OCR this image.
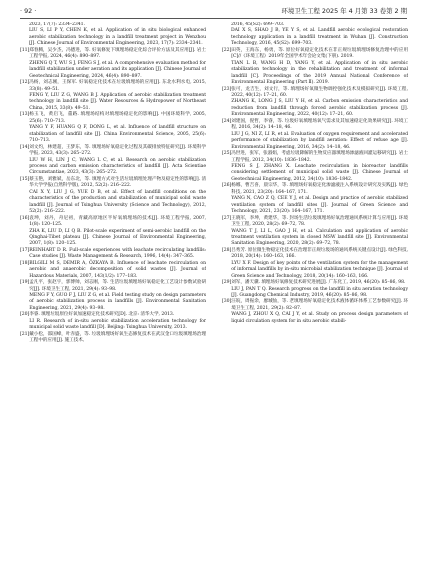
· 92 ·	环境卫生工程 2025 年 4 月第 33 卷第 2 期
2023, 17(7): 2334–2341.
LIU S, LI P Y, CHEN K, et al. Application of in situ biological enhanced aerobic stabilization technology in a landfill treatment project in Wenzhou [J]. Chinese Journal of Environmental Engineering, 2023, 17(7): 2334–2341.
[11] 郑春腾，吴少杰，冯德进，等. 好氧修复下填埋场稳定化综合评价方法及其应用[J]. 岩土工程学报, 2024, 46(4): 890–897.
ZHENG Q T, WU S J, FENG S J, et al. A comprehensive evaluation method for landfill stabilization under aeration and its application [J]. Chinese Journal of Geotechnical Engineering, 2024, 46(4): 890–897.
[12] 冯杨，刘志刚，王保军. 好氧稳定化技术在垃圾填埋场的应用[J]. 东北水利水电, 2015, 33(8): 49–51.
FENG Y, LIU Z G, WANG B J. Application of aerobic stabilization treatment technology in landfill site [J]. Water Resources & Hydropower of Northeast China, 2015, 33(8): 49–51.
[13] 杨玉飞，黄启飞，董路. 填埋场结构对填埋场稳定化的影响[J]. 中国环境科学, 2005, 25(6): 710–713.
YANG Y F, HUANG Q F, DONG L, et al. Influence of landfill structure on stabilization of landfill site [J]. China Environmental Science, 2005, 25(6): 710–713.
[14] 刘文灼，林建超，王梦东，等. 填埋场好氧稳定化过程及其碳排放特征研究[J]. 环境科学学报, 2023, 43(3): 265–272.
LIU W H, LIN J C, WANG L C, et al. Research on aerobic stabilization process and carbon emission characteristics of landfill [J]. Acta Scientiae Circumstantiae, 2023, 43(3): 265–272.
[15] 蔡玉艳，刘雅斌，岳东北，等. 填埋方式对生活垃圾填埋处理产物及稳定性的影响[J]. 清华大学学报(自然科学版), 2012, 52(2): 216–222.
CAI X Y, LIU J G, YUE D B, et al. Effect of landfill conditions on the characteristics of the production and stabilization of municipal solid waste landfill [J]. Journal of Tsinghua University (Science and Technology), 2012, 52(2): 216–222.
[16] 袁坤，刘丹，舟尼初，青藏高原地区半好氧填埋场的技术[J]. 环境工程学报, 2007, 1(8): 120–125.
ZHA K, LIU D, LI Q B. Pilot-scale experiment of semi-aerobic landfill on the Qinghai-Tibet plateau [J]. Chinese Journal of Environmental Engineering, 2007, 1(8): 120–125.
[17] REINHART D R. Full-scale experiences with leachate recirculating landfills: Case studies [J]. Waste Management & Research, 1996, 14(4): 347–365.
[18] BILGILI M S, DEMIR A, ÖZKAYA B. Influence of leachate recirculation on aerobic and anaerobic decomposition of solid wastes [J]. Journal of Hazardous Materials, 2007, 143(1/2): 177–183.
[19] 孟凡平，张赵宇，郭博帅，刘志刚，等. 生活垃圾填埋场好氧稳定化工艺设计参数试验研究[J]. 环境卫生工程, 2021, 29(4): 93–98.
MENG F Y, GUO F J, LIU Z G, et al. Field testing study on design parameters of aerobic stabilization process in landfills [J]. Environmental Sanitation Engineering, 2021, 29(4): 93–98.
[20] 李睿. 填埋垃圾原位好氧加速稳定化技术研究[D]. 北京: 清华大学, 2013.
LI R. Research of in-situ aerobic stabilization acceleration technology for municipal solid waste landfill [D]. Beijing: Tsinghua University, 2013.
[21] 戴小松，邵国峰，叶赤盛，等. 垃圾填埋场好氧生态修复技术在武汉金口垃圾填埋场治理工程中的应用[J]. 施工技术,
2016, 45(S2): 699–703.
DAI X S, SHAO J B, YE Y S, et al. Landfill aerobic ecological restoration technology application in a landfill treatment in Wuhan [J]. Construction Technology, 2016, 45(S2): 699–703.
[22] 田英，王海东，杨勇，等. 原位好氧稳定化技术在非正规垃圾填埋场修复治理中的应用[C]//《环境工程》2019年全国学术年会论文集(下册). 2019.
TIAN L B, WANG H D, YANG Y, et al. Application of in situ aerobic stabilization technology in the rehabilitation and treatment of informal landfill [C]. Proceedings of the 2019 Annual National Conference of Environmental Engineering (Part Ⅱ). 2019.
[23] 张可，龙吉生，刘文行，等. 填埋场好氧微生物调控强化技术及模拟研究[J]. 环境工程, 2022, 40(12): 17–21, 60.
ZHANG K, LONG J S, LIU Y H, et al. Carbon emission characteristics and reduction from landfill through forced aerobic stabilization process [J]. Environmental Engineering, 2022, 40(12): 17–21, 60.
[24] 刘建国，倪哲，李睿，等. 垃圾好氧填埋场氧气需求及其加速稳定化效果研究[J]. 环境工程, 2016, 34(2): 14–18, 46.
LIU J G, NI Z, LI R, et al. Evaluation of oxygen requirement and accelerated performance of stabilization by landfill aeration: Effect of refuse age [J]. Environmental Engineering, 2016, 34(2): 14–18, 46.
[25] 冯世进，张军，张淑娟，考虑垃圾降解的生物反应器填埋场渗滤液回灌运移研究[J]. 岩土工程学报, 2012, 34(10): 1836–1842.
FENG S J, ZHANG X. Leachate recirculation in bioreactor landfills considering settlement of municipal solid waste [J]. Chinese Journal of Geotechnical Engineering, 2012, 34(10): 1836–1842.
[26] 杨娜，曹吉喜，晨宗华，等. 填埋场好氧稳定化渗滤液注入系统设计研究及实践[J]. 绿色科技, 2021, 23(20): 164–167, 171.
YANG N, CAO Z Q, CEE Y J, et al. Design and practice of aerobic stabilized ventilation system of landfill sites [J]. Journal of Green Science and Technology, 2021, 23(20): 164–167, 171.
[27] 王晓军，李坤，黄建华，等. 封场生活垃圾填埋场好氧治理通风系统计算与应用[J]. 环境卫生工程, 2020, 28(2): 69–72, 78.
WANG T J, LI L, GAO J H, et al. Calculation and application of aerobic treatment ventilation system in closed MSW landfill site [J]. Environmental Sanitation Engineering, 2020, 28(2): 69–72, 78.
[28] 吕秀芳. 原位微生物稳定化技术在治理非正规垃圾场的通风系统关键点设计[J]. 绿色科技, 2018, 20(14): 160–163, 166.
LYU X F. Design of key points of the ventilation system for the management of informal landfills by in-situ microbial stabilization technique [J]. Journal of Green Science and Technology, 2018, 20(14): 160–163, 166.
[29] 刘军，潘天骥. 填埋场好氧修复技术研究进展[J]. 广东化工, 2019, 46(20): 85–86, 98.
LIU J, PAN T Q. Research progress on the landfill in situ aeration technology [J]. Guangdong Chemical Industry, 2019, 46(20): 85–86, 98.
[30] 汪皖，周振余，廖城仙，等. 老填埋场好氧稳定化技术液体循环体系工艺参数研究[J]. 环境卫生工程, 2021, 29(2): 82–87.
WANG J, ZHOU X Q, CAI J Y, et al. Study on process design parameters of liquid circulation system for in situ aerobic stabili-
